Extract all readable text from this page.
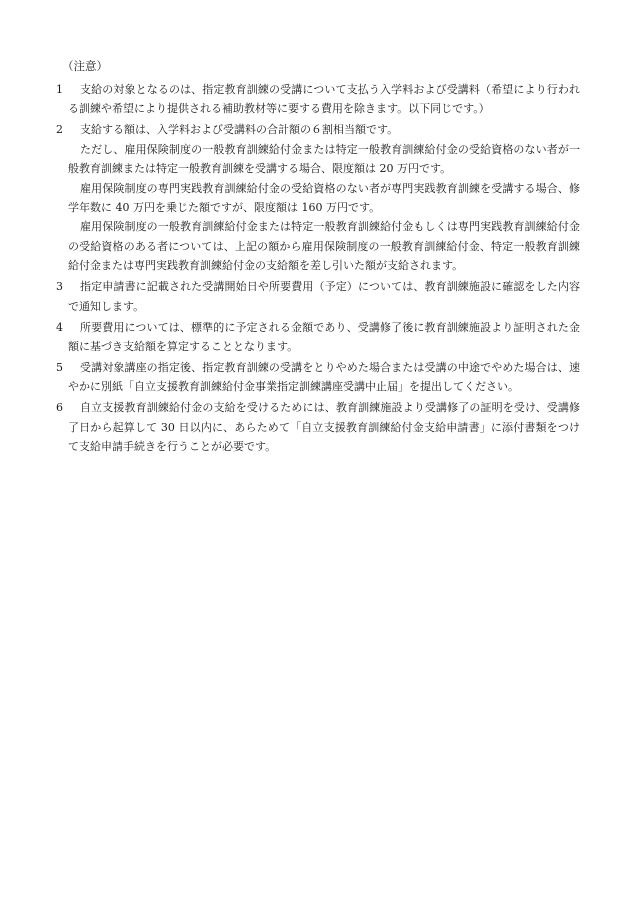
（注意）
1	支給の対象となるのは、指定教育訓練の受講について支払う入学料および受講料（希望により行われる訓練や希望により提供される補助教材等に要する費用を除きます。以下同じです。）
2	支給する額は、入学料および受講料の合計額の６割相当額です。
ただし、雇用保険制度の一般教育訓練給付金または特定一般教育訓練給付金の受給資格のない者が一般教育訓練または特定一般教育訓練を受講する場合、限度額は 20 万円です。
雇用保険制度の専門実践教育訓練給付金の受給資格のない者が専門実践教育訓練を受講する場合、修学年数に 40 万円を乗じた額ですが、限度額は 160 万円です。
雇用保険制度の一般教育訓練給付金または特定一般教育訓練給付金もしくは専門実践教育訓練給付金の受給資格のある者については、上記の額から雇用保険制度の一般教育訓練給付金、特定一般教育訓練給付金または専門実践教育訓練給付金の支給額を差し引いた額が支給されます。
3	指定申請書に記載された受講開始日や所要費用（予定）については、教育訓練施設に確認をした内容で通知します。
4	所要費用については、標準的に予定される金額であり、受講修了後に教育訓練施設より証明された金額に基づき支給額を算定することとなります。
5	受講対象講座の指定後、指定教育訓練の受講をとりやめた場合または受講の中途でやめた場合は、速やかに別紙「自立支援教育訓練給付金事業指定訓練講座受講中止届」を提出してください。
6	自立支援教育訓練給付金の支給を受けるためには、教育訓練施設より受講修了の証明を受け、受講修了日から起算して 30 日以内に、あらためて「自立支援教育訓練給付金支給申請書」に添付書類をつけて支給申請手続きを行うことが必要です。
